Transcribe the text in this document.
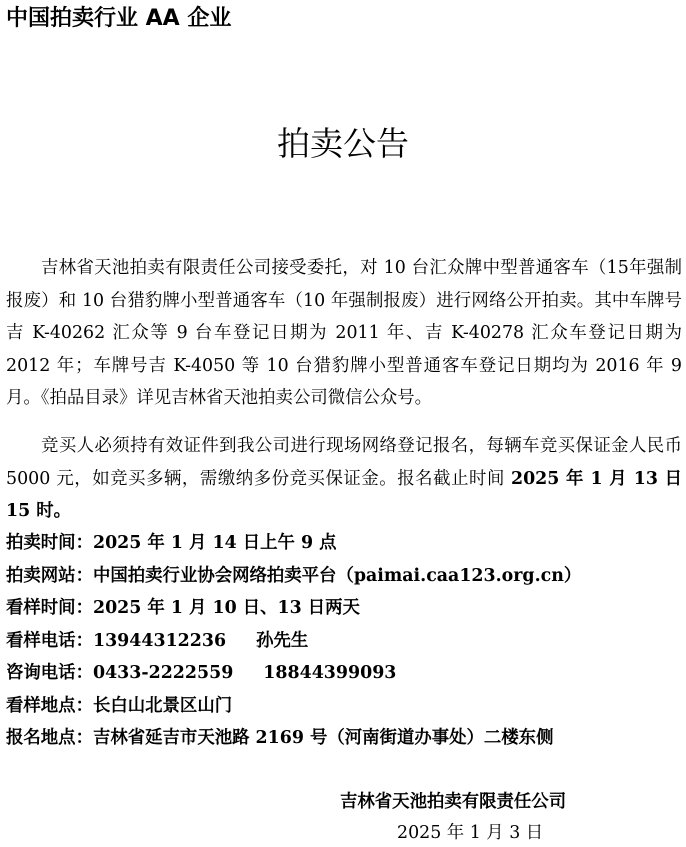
中国拍卖行业 AA 企业
拍卖公告

吉林省天池拍卖有限责任公司接受委托，对 10 台汇众牌中型普通客车（15年强制报废）和 10 台猎豹牌小型普通客车（10 年强制报废）进行网络公开拍卖。其中车牌号吉 K-40262 汇众等 9 台车登记日期为 2011 年、吉 K-40278 汇众车登记日期为 2012 年；车牌号吉 K-4050 等 10 台猎豹牌小型普通客车登记日期均为 2016 年 9 月。《拍品目录》详见吉林省天池拍卖公司微信公众号。

竞买人必须持有效证件到我公司进行现场网络登记报名，每辆车竞买保证金人民币 5000 元，如竞买多辆，需缴纳多份竞买保证金。报名截止时间 2025 年 1 月 13 日 15 时。

拍卖时间：2025 年 1 月 14 日上午 9 点
拍卖网站：中国拍卖行业协会网络拍卖平台（paimai.caa123.org.cn）
看样时间：2025 年 1 月 10 日、13 日两天
看样电话：13944312236 孙先生
咨询电话：0433-2222559 18844399093
看样地点：长白山北景区山门
报名地点：吉林省延吉市天池路 2169 号（河南街道办事处）二楼东侧
吉林省天池拍卖有限责任公司
2025 年 1 月 3 日
